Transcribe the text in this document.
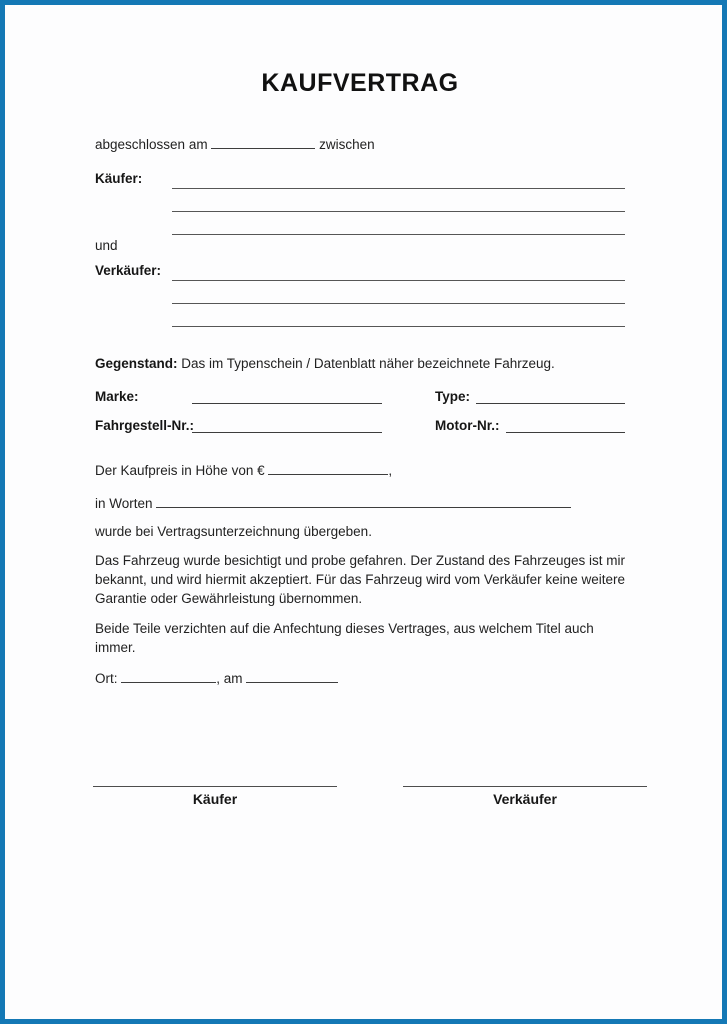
KAUFVERTRAG
abgeschlossen am	zwischen
Käufer:
und
Verkäufer:
Gegenstand: Das im Typenschein / Datenblatt näher bezeichnete Fahrzeug.
Marke:	Type:
Fahrgestell-Nr.:	Motor-Nr.:
Der Kaufpreis in Höhe von €	,
in Worten
wurde bei Vertragsunterzeichnung übergeben.
Das Fahrzeug wurde besichtigt und probe gefahren. Der Zustand des Fahrzeuges ist mir bekannt, und wird hiermit akzeptiert. Für das Fahrzeug wird vom Verkäufer keine weitere Garantie oder Gewährleistung übernommen.
Beide Teile verzichten auf die Anfechtung dieses Vertrages, aus welchem Titel auch immer.
Ort:	, am
Käufer	Verkäufer
